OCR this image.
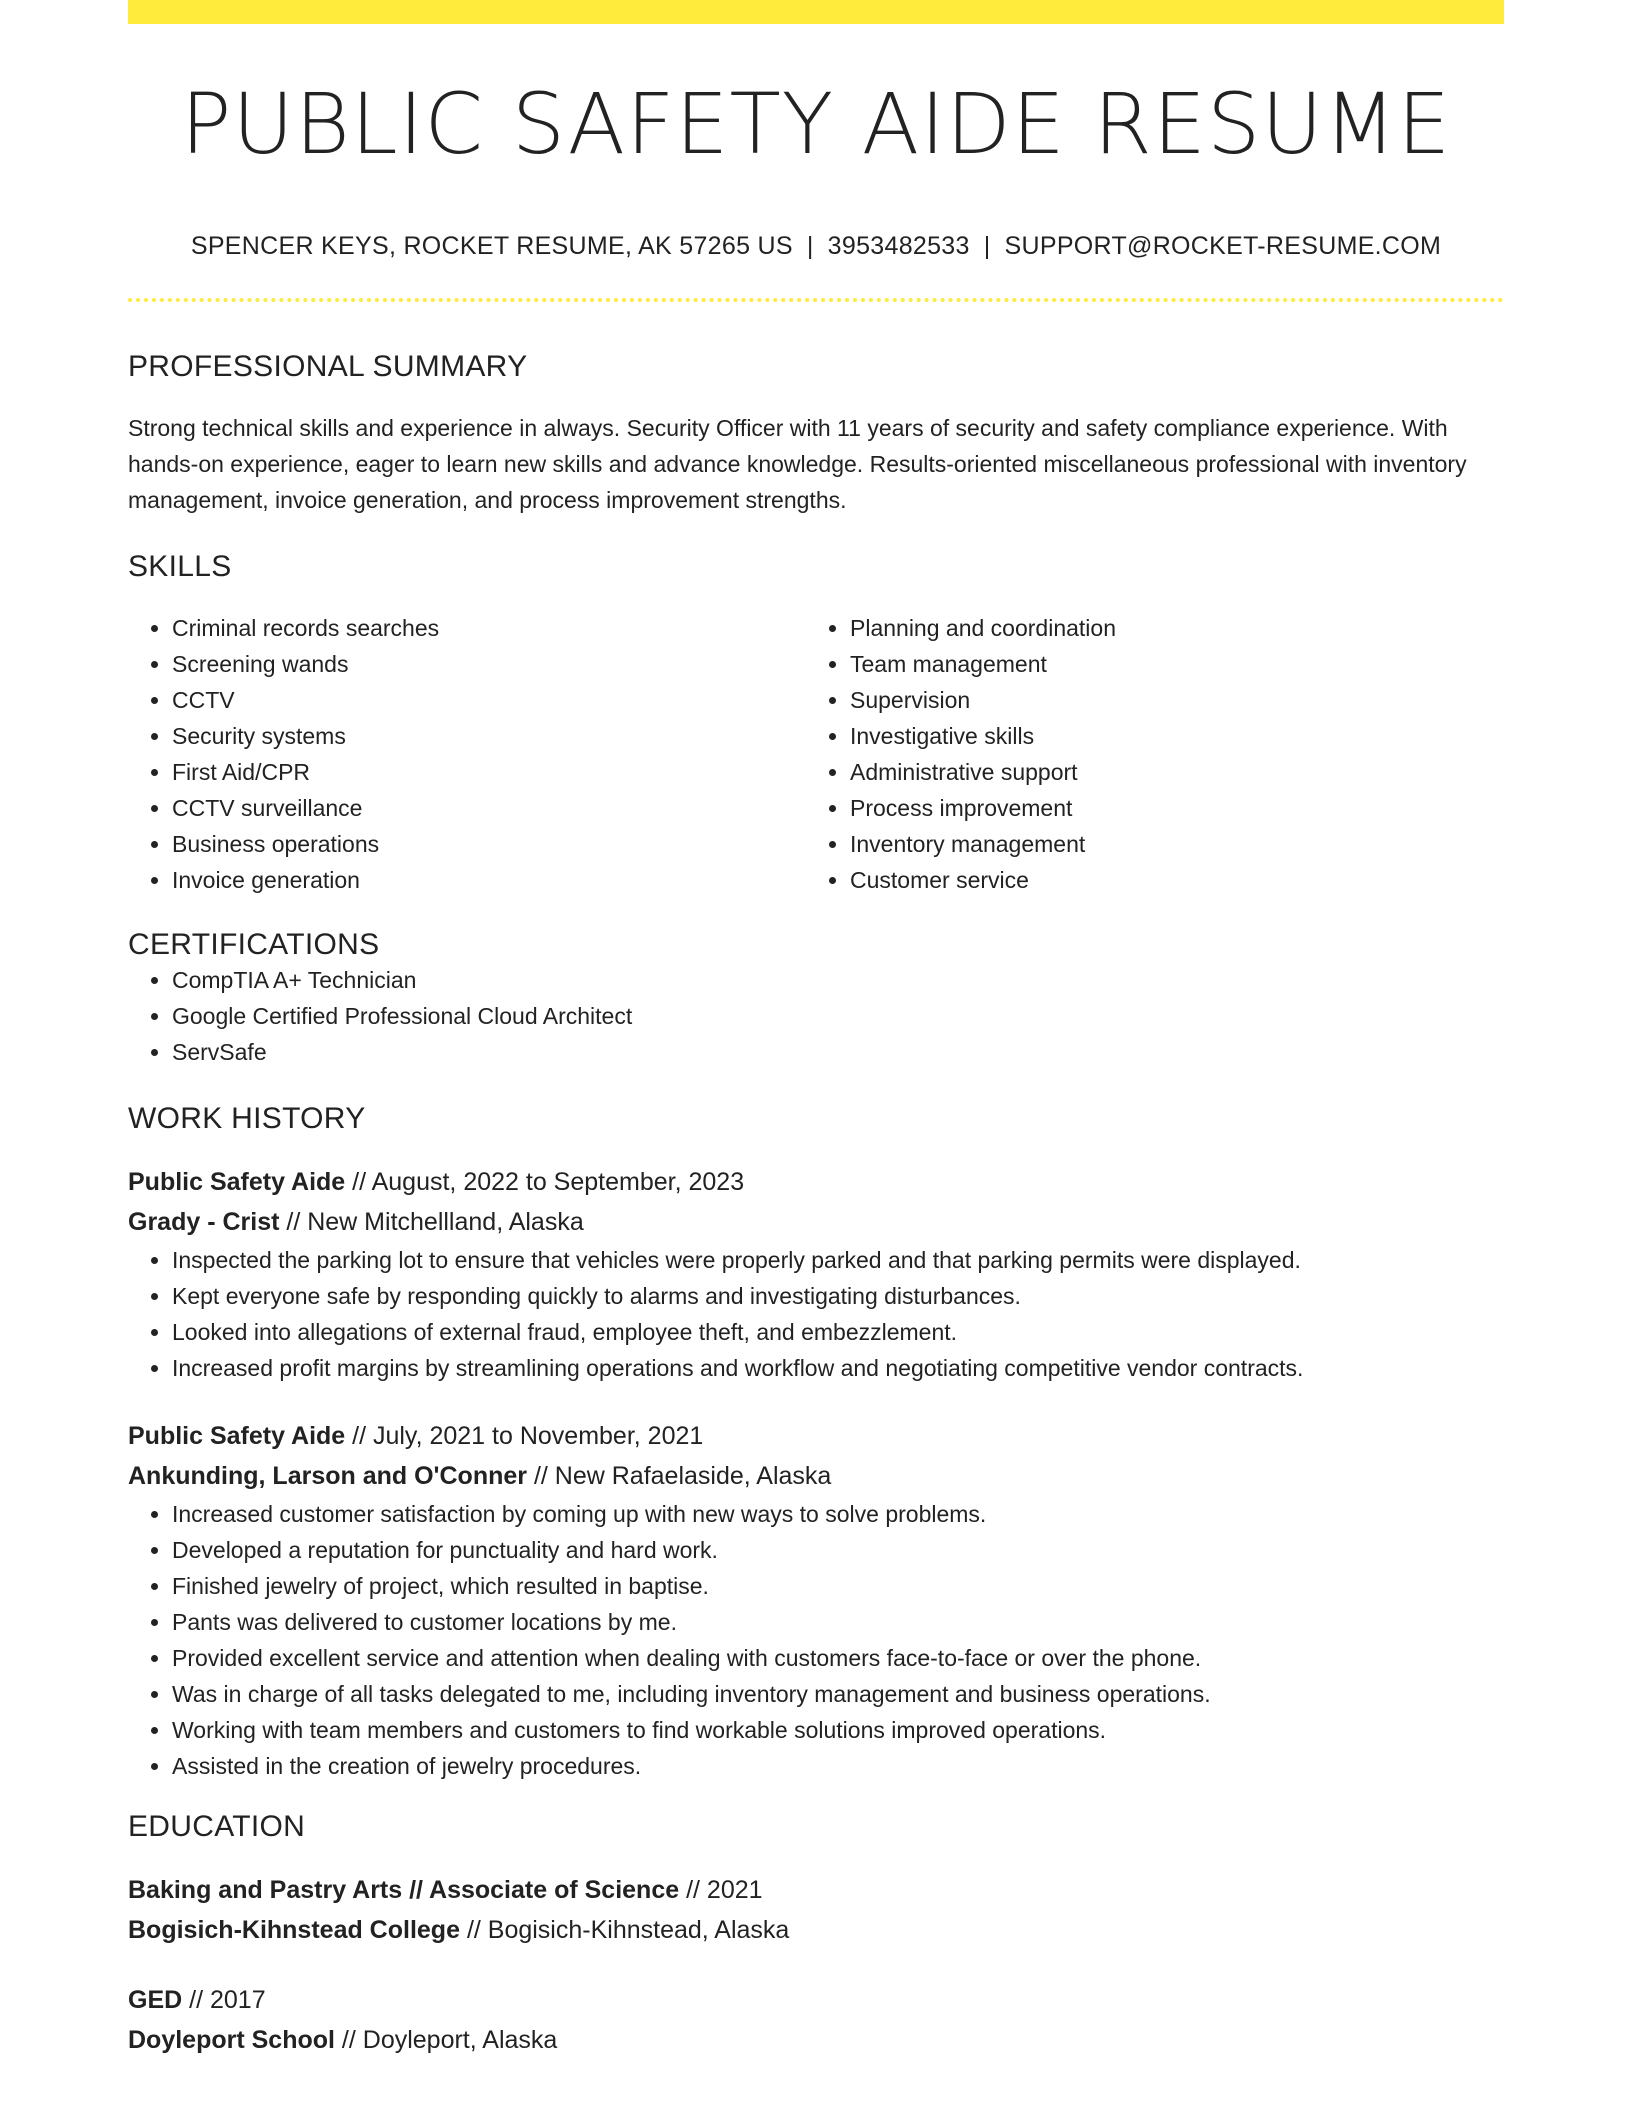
PUBLIC SAFETY AIDE RESUME
SPENCER KEYS, ROCKET RESUME, AK 57265 US | 3953482533 | SUPPORT@ROCKET-RESUME.COM
PROFESSIONAL SUMMARY
Strong technical skills and experience in always. Security Officer with 11 years of security and safety compliance experience. With hands-on experience, eager to learn new skills and advance knowledge. Results-oriented miscellaneous professional with inventory management, invoice generation, and process improvement strengths.
SKILLS
• Criminal records searches
• Screening wands
• CCTV
• Security systems
• First Aid/CPR
• CCTV surveillance
• Business operations
• Invoice generation
• Planning and coordination
• Team management
• Supervision
• Investigative skills
• Administrative support
• Process improvement
• Inventory management
• Customer service
CERTIFICATIONS
• CompTIA A+ Technician
• Google Certified Professional Cloud Architect
• ServSafe
WORK HISTORY
Public Safety Aide // August, 2022 to September, 2023
Grady - Crist // New Mitchellland, Alaska
• Inspected the parking lot to ensure that vehicles were properly parked and that parking permits were displayed.
• Kept everyone safe by responding quickly to alarms and investigating disturbances.
• Looked into allegations of external fraud, employee theft, and embezzlement.
• Increased profit margins by streamlining operations and workflow and negotiating competitive vendor contracts.
Public Safety Aide // July, 2021 to November, 2021
Ankunding, Larson and O'Conner // New Rafaelaside, Alaska
• Increased customer satisfaction by coming up with new ways to solve problems.
• Developed a reputation for punctuality and hard work.
• Finished jewelry of project, which resulted in baptise.
• Pants was delivered to customer locations by me.
• Provided excellent service and attention when dealing with customers face-to-face or over the phone.
• Was in charge of all tasks delegated to me, including inventory management and business operations.
• Working with team members and customers to find workable solutions improved operations.
• Assisted in the creation of jewelry procedures.
EDUCATION
Baking and Pastry Arts // Associate of Science // 2021
Bogisich-Kihnstead College // Bogisich-Kihnstead, Alaska
GED // 2017
Doyleport School // Doyleport, Alaska
